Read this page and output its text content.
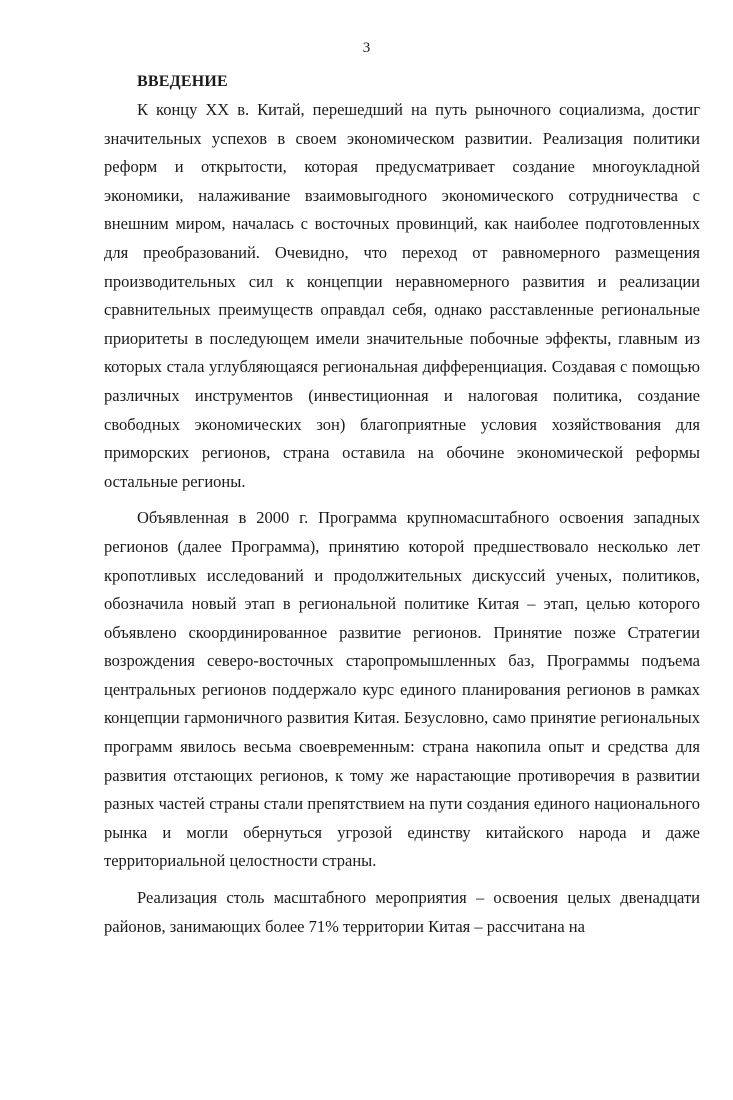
3
ВВЕДЕНИЕ

К концу XX в. Китай, перешедший на путь рыночного социализма, достиг значительных успехов в своем экономическом развитии. Реализация политики реформ и открытости, которая предусматривает создание многоукладной экономики, налаживание взаимовыгодного экономического сотрудничества с внешним миром, началась с восточных провинций, как наиболее подготовленных для преобразований. Очевидно, что переход от равномерного размещения производительных сил к концепции неравномерного развития и реализации сравнительных преимуществ оправдал себя, однако расставленные региональные приоритеты в последующем имели значительные побочные эффекты, главным из которых стала углубляющаяся региональная дифференциация. Создавая с помощью различных инструментов (инвестиционная и налоговая политика, создание свободных экономических зон) благоприятные условия хозяйствования для приморских регионов, страна оставила на обочине экономической реформы остальные регионы.

Объявленная в 2000 г. Программа крупномасштабного освоения западных регионов (далее Программа), принятию которой предшествовало несколько лет кропотливых исследований и продолжительных дискуссий ученых, политиков, обозначила новый этап в региональной политике Китая – этап, целью которого объявлено скоординированное развитие регионов. Принятие позже Стратегии возрождения северо-восточных старопромышленных баз, Программы подъема центральных регионов поддержало курс единого планирования регионов в рамках концепции гармоничного развития Китая. Безусловно, само принятие региональных программ явилось весьма своевременным: страна накопила опыт и средства для развития отстающих регионов, к тому же нарастающие противоречия в развитии разных частей страны стали препятствием на пути создания единого национального рынка и могли обернуться угрозой единству китайского народа и даже территориальной целостности страны.

Реализация столь масштабного мероприятия – освоения целых двенадцати районов, занимающих более 71% территории Китая – рассчитана на
